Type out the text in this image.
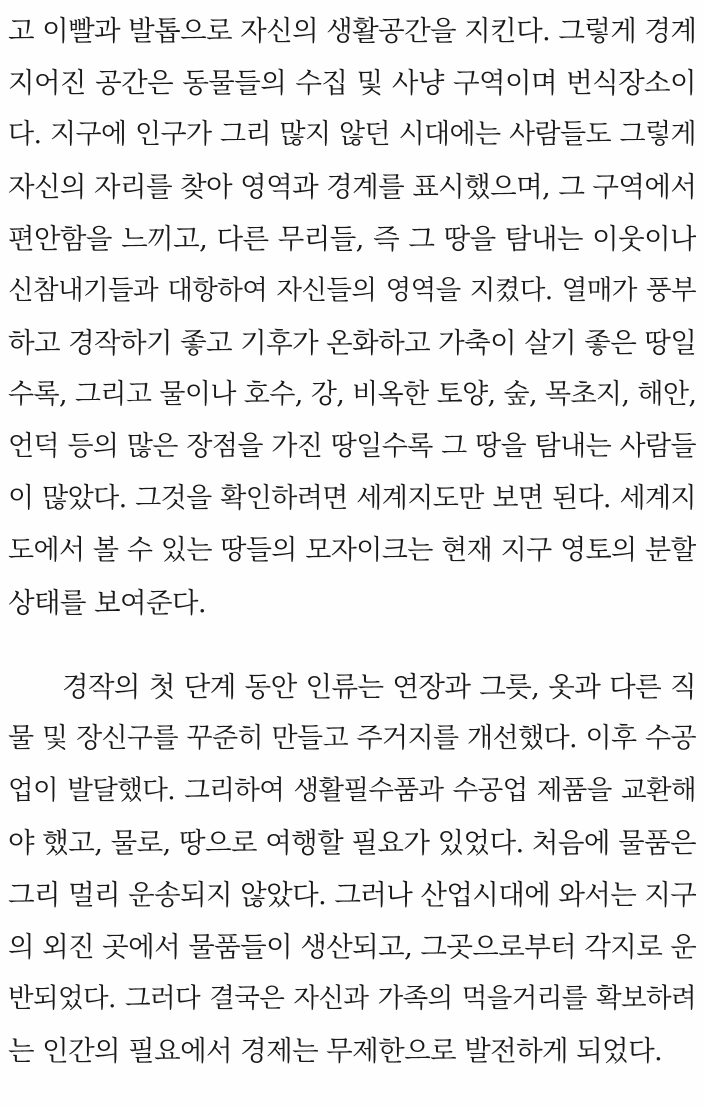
고 이빨과 발톱으로 자신의 생활공간을 지킨다. 그렇게 경계
지어진 공간은 동물들의 수집 및 사냥 구역이며 번식장소이
다. 지구에 인구가 그리 많지 않던 시대에는 사람들도 그렇게
자신의 자리를 찾아 영역과 경계를 표시했으며, 그 구역에서
편안함을 느끼고, 다른 무리들, 즉 그 땅을 탐내는 이웃이나
신참내기들과 대항하여 자신들의 영역을 지켰다. 열매가 풍부
하고 경작하기 좋고 기후가 온화하고 가축이 살기 좋은 땅일
수록, 그리고 물이나 호수, 강, 비옥한 토양, 숲, 목초지, 해안,
언덕 등의 많은 장점을 가진 땅일수록 그 땅을 탐내는 사람들
이 많았다. 그것을 확인하려면 세계지도만 보면 된다. 세계지
도에서 볼 수 있는 땅들의 모자이크는 현재 지구 영토의 분할
상태를 보여준다.
경작의 첫 단계 동안 인류는 연장과 그릇, 옷과 다른 직
물 및 장신구를 꾸준히 만들고 주거지를 개선했다. 이후 수공
업이 발달했다. 그리하여 생활필수품과 수공업 제품을 교환해
야 했고, 물로, 땅으로 여행할 필요가 있었다. 처음에 물품은
그리 멀리 운송되지 않았다. 그러나 산업시대에 와서는 지구
의 외진 곳에서 물품들이 생산되고, 그곳으로부터 각지로 운
반되었다. 그러다 결국은 자신과 가족의 먹을거리를 확보하려
는 인간의 필요에서 경제는 무제한으로 발전하게 되었다.
